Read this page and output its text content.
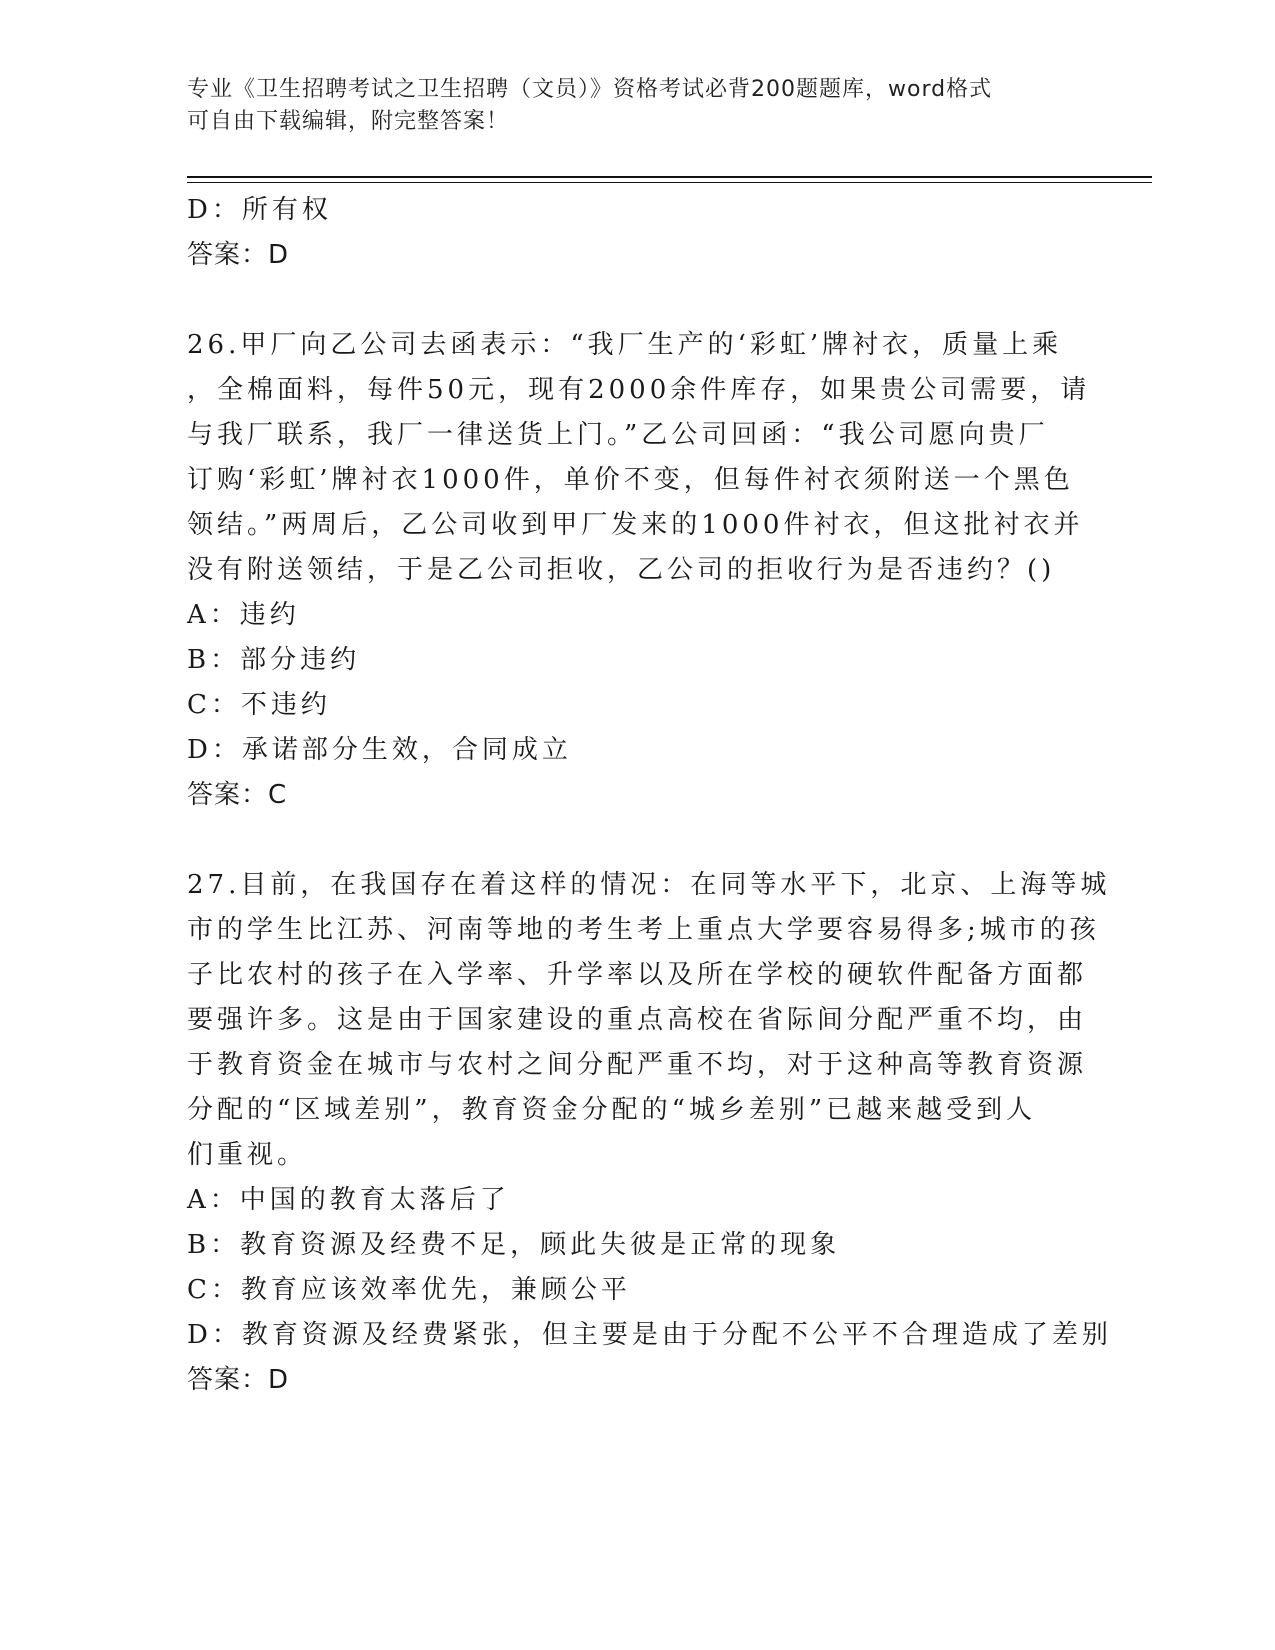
专业《卫生招聘考试之卫生招聘（文员）》资格考试必背200题题库，word格式
可自由下载编辑，附完整答案！

D：所有权

答案：D

26.甲厂向乙公司去函表示：“我厂生产的‘彩虹’牌衬衣，质量上乘

，全棉面料，每件50元，现有2000余件库存，如果贵公司需要，请

与我厂联系，我厂一律送货上门。”乙公司回函：“我公司愿向贵厂

订购‘彩虹’牌衬衣1000件，单价不变，但每件衬衣须附送一个黑色

领结。”两周后，乙公司收到甲厂发来的1000件衬衣，但这批衬衣并

没有附送领结，于是乙公司拒收，乙公司的拒收行为是否违约？()

A：违约

B：部分违约

C：不违约

D：承诺部分生效，合同成立

答案：C

27.目前，在我国存在着这样的情况：在同等水平下，北京、上海等城

市的学生比江苏、河南等地的考生考上重点大学要容易得多;城市的孩

子比农村的孩子在入学率、升学率以及所在学校的硬软件配备方面都

要强许多。这是由于国家建设的重点高校在省际间分配严重不均，由

于教育资金在城市与农村之间分配严重不均，对于这种高等教育资源

分配的“区域差别”，教育资金分配的“城乡差别”已越来越受到人

们重视。

A：中国的教育太落后了

B：教育资源及经费不足，顾此失彼是正常的现象

C：教育应该效率优先，兼顾公平

D：教育资源及经费紧张，但主要是由于分配不公平不合理造成了差别

答案：D
